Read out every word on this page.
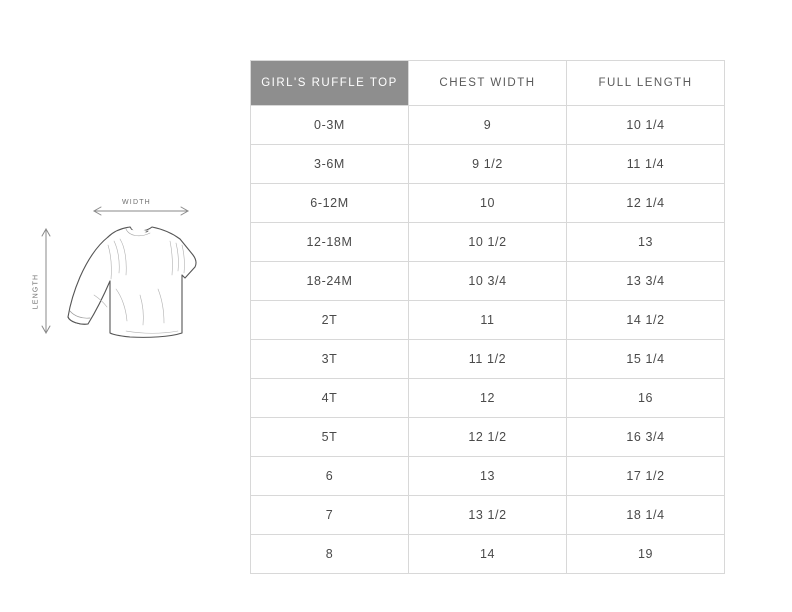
WIDTH
LENGTH
GIRL'S RUFFLE TOP	CHEST WIDTH	FULL LENGTH
0-3M	9	10 1/4
3-6M	9 1/2	11 1/4
6-12M	10	12 1/4
12-18M	10 1/2	13
18-24M	10 3/4	13 3/4
2T	11	14 1/2
3T	11 1/2	15 1/4
4T	12	16
5T	12 1/2	16 3/4
6	13	17 1/2
7	13 1/2	18 1/4
8	14	19
